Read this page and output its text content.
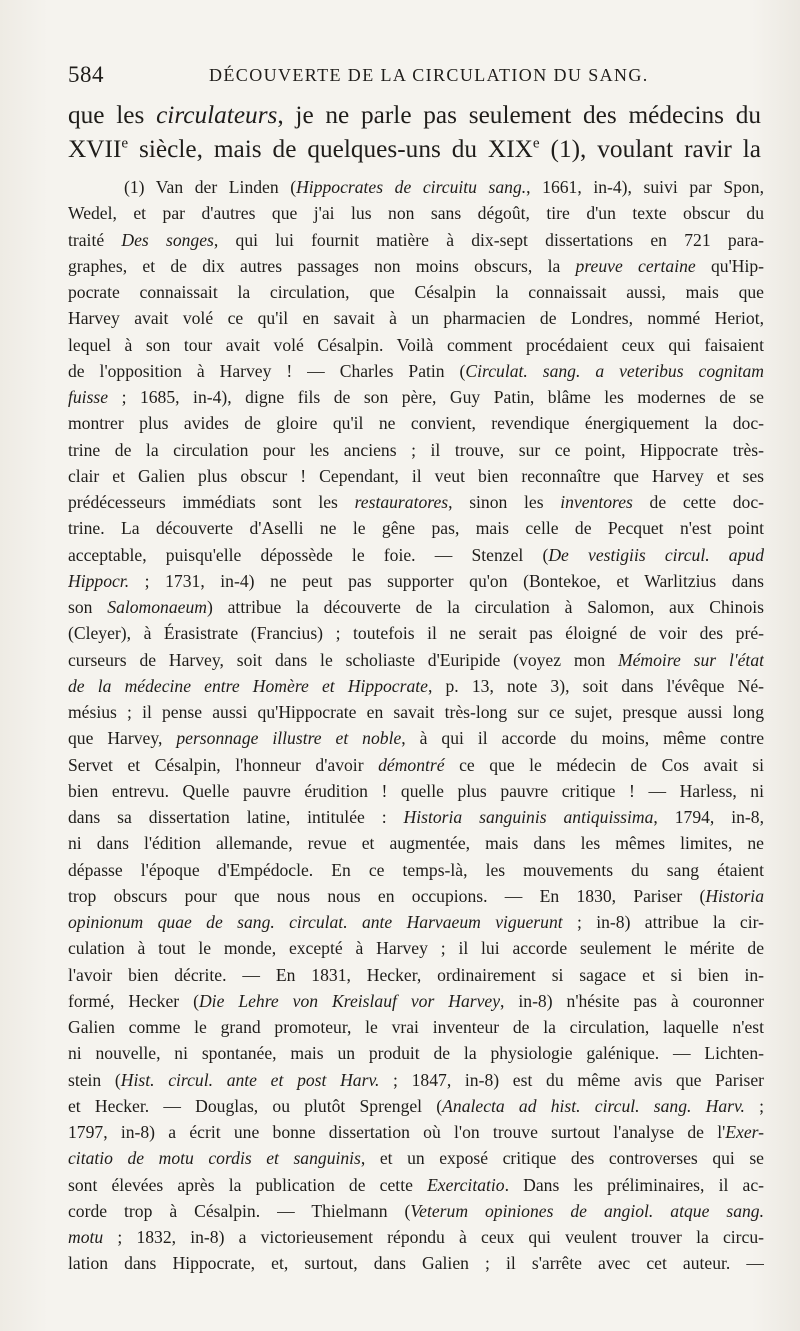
584	DÉCOUVERTE DE LA CIRCULATION DU SANG.
que les circulateurs, je ne parle pas seulement des médecins du
XVIIe siècle, mais de quelques-uns du XIXe (1), voulant ravir la
(1) Van der Linden (Hippocrates de circuitu sang., 1661, in-4), suivi par Spon,
Wedel, et par d'autres que j'ai lus non sans dégoût, tire d'un texte obscur du
traité Des songes, qui lui fournit matière à dix-sept dissertations en 721 para-
graphes, et de dix autres passages non moins obscurs, la preuve certaine qu'Hip-
pocrate connaissait la circulation, que Césalpin la connaissait aussi, mais que
Harvey avait volé ce qu'il en savait à un pharmacien de Londres, nommé Heriot,
lequel à son tour avait volé Césalpin. Voilà comment procédaient ceux qui faisaient
de l'opposition à Harvey ! — Charles Patin (Circulat. sang. a veteribus cognitam
fuisse ; 1685, in-4), digne fils de son père, Guy Patin, blâme les modernes de se
montrer plus avides de gloire qu'il ne convient, revendique énergiquement la doc-
trine de la circulation pour les anciens ; il trouve, sur ce point, Hippocrate très-
clair et Galien plus obscur ! Cependant, il veut bien reconnaître que Harvey et ses
prédécesseurs immédiats sont les restauratores, sinon les inventores de cette doc-
trine. La découverte d'Aselli ne le gêne pas, mais celle de Pecquet n'est point
acceptable, puisqu'elle dépossède le foie. — Stenzel (De vestigiis circul. apud
Hippocr. ; 1731, in-4) ne peut pas supporter qu'on (Bontekoe, et Warlitzius dans
son Salomonaeum) attribue la découverte de la circulation à Salomon, aux Chinois
(Cleyer), à Érasistrate (Francius) ; toutefois il ne serait pas éloigné de voir des pré-
curseurs de Harvey, soit dans le scholiaste d'Euripide (voyez mon Mémoire sur l'état
de la médecine entre Homère et Hippocrate, p. 13, note 3), soit dans l'évêque Né-
mésius ; il pense aussi qu'Hippocrate en savait très-long sur ce sujet, presque aussi long
que Harvey, personnage illustre et noble, à qui il accorde du moins, même contre
Servet et Césalpin, l'honneur d'avoir démontré ce que le médecin de Cos avait si
bien entrevu. Quelle pauvre érudition ! quelle plus pauvre critique ! — Harless, ni
dans sa dissertation latine, intitulée : Historia sanguinis antiquissima, 1794, in-8,
ni dans l'édition allemande, revue et augmentée, mais dans les mêmes limites, ne
dépasse l'époque d'Empédocle. En ce temps-là, les mouvements du sang étaient
trop obscurs pour que nous nous en occupions. — En 1830, Pariser (Historia
opinionum quae de sang. circulat. ante Harvaeum viguerunt ; in-8) attribue la cir-
culation à tout le monde, excepté à Harvey ; il lui accorde seulement le mérite de
l'avoir bien décrite. — En 1831, Hecker, ordinairement si sagace et si bien in-
formé, Hecker (Die Lehre von Kreislauf vor Harvey, in-8) n'hésite pas à couronner
Galien comme le grand promoteur, le vrai inventeur de la circulation, laquelle n'est
ni nouvelle, ni spontanée, mais un produit de la physiologie galénique. — Lichten-
stein (Hist. circul. ante et post Harv. ; 1847, in-8) est du même avis que Pariser
et Hecker. — Douglas, ou plutôt Sprengel (Analecta ad hist. circul. sang. Harv. ;
1797, in-8) a écrit une bonne dissertation où l'on trouve surtout l'analyse de l'Exer-
citatio de motu cordis et sanguinis, et un exposé critique des controverses qui se
sont élevées après la publication de cette Exercitatio. Dans les préliminaires, il ac-
corde trop à Césalpin. — Thielmann (Veterum opiniones de angiol. atque sang.
motu ; 1832, in-8) a victorieusement répondu à ceux qui veulent trouver la circu-
lation dans Hippocrate, et, surtout, dans Galien ; il s'arrête avec cet auteur. —
